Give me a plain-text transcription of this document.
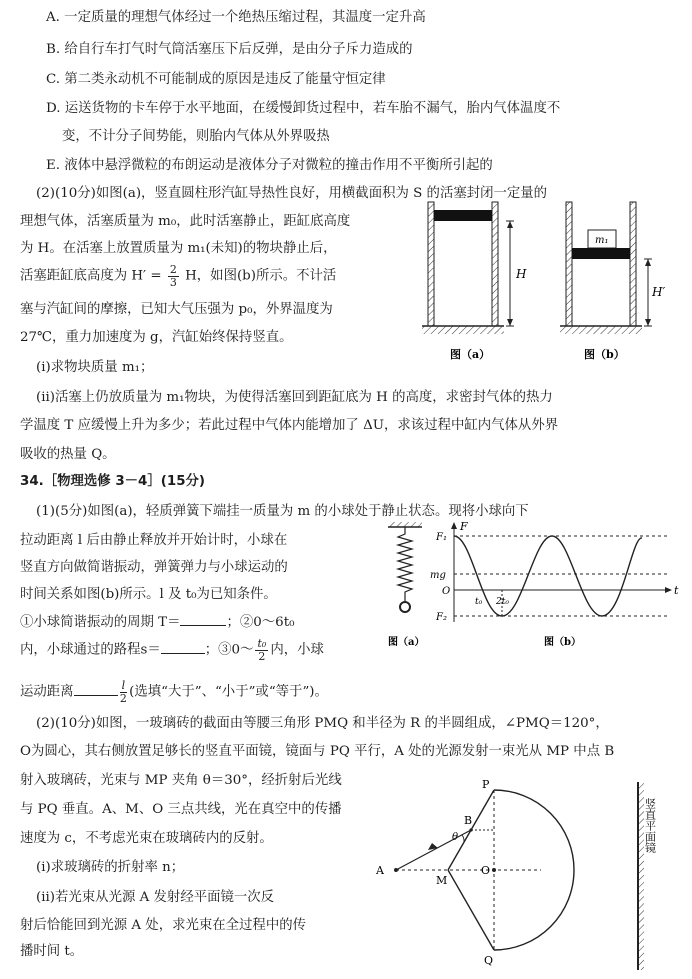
A. 一定质量的理想气体经过一个绝热压缩过程，其温度一定升高
B. 给自行车打气时气筒活塞压下后反弹，是由分子斥力造成的
C. 第二类永动机不可能制成的原因是违反了能量守恒定律
D. 运送货物的卡车停于水平地面，在缓慢卸货过程中，若车胎不漏气，胎内气体温度不
变，不计分子间势能，则胎内气体从外界吸热
E. 液体中悬浮微粒的布朗运动是液体分子对微粒的撞击作用不平衡所引起的
(2)(10分)如图(a)，竖直圆柱形汽缸导热性良好，用横截面积为 S 的活塞封闭一定量的
理想气体，活塞质量为 m₀，此时活塞静止，距缸底高度
为 H。在活塞上放置质量为 m₁(未知)的物块静止后，
活塞距缸底高度为 $H' = \frac{2}{3}$ H，如图(b)所示。不计活
塞与汽缸间的摩擦，已知大气压强为 p₀，外界温度为
27℃，重力加速度为 g，汽缸始终保持竖直。
(i)求物块质量 m₁；
(ii)活塞上仍放质量为 m₁物块，为使得活塞回到距缸底为 H 的高度，求密封气体的热力
学温度 T 应缓慢上升为多少；若此过程中气体内能增加了 ΔU，求该过程中缸内气体从外界
吸收的热量 Q。
H
图（a）
m₁
H′
图（b）
34.［物理选修 3－4］(15分)
(1)(5分)如图(a)，轻质弹簧下端挂一质量为 m 的小球处于静止状态。现将小球向下
拉动距离 l 后由静止释放并开始计时，小球在
竖直方向做简谐振动，弹簧弹力与小球运动的
时间关系如图(b)所示。l 及 t₀为已知条件。
①小球简谐振动的周期 T＝	；②0～6t₀
内，小球通过的路程s＝	；③0～ $\frac{\text{t₀}}{2}$ 内，小球
运动距离	$\frac{l}{2}$ (选填“大于”、“小于”或“等于”)。
图（a）
F
F₁
mg
O
F₂
t
t₀ 2t₀
图（b）
(2)(10分)如图，一玻璃砖的截面由等腰三角形 PMQ 和半径为 R 的半圆组成，∠PMQ＝120°，
O为圆心，其右侧放置足够长的竖直平面镜，镜面与 PQ 平行，A 处的光源发射一束光从 MP 中点 B
射入玻璃砖，光束与 MP 夹角 θ＝30°，经折射后光线
与 PQ 垂直。A、M、O 三点共线，光在真空中的传播
速度为 c，不考虑光束在玻璃砖内的反射。
(i)求玻璃砖的折射率 n；
(ii)若光束从光源 A 发射经平面镜一次反
射后恰能回到光源 A 处，求光束在全过程中的传
播时间 t。
P
B
θ
A
M
O
Q
竖直平面镜
